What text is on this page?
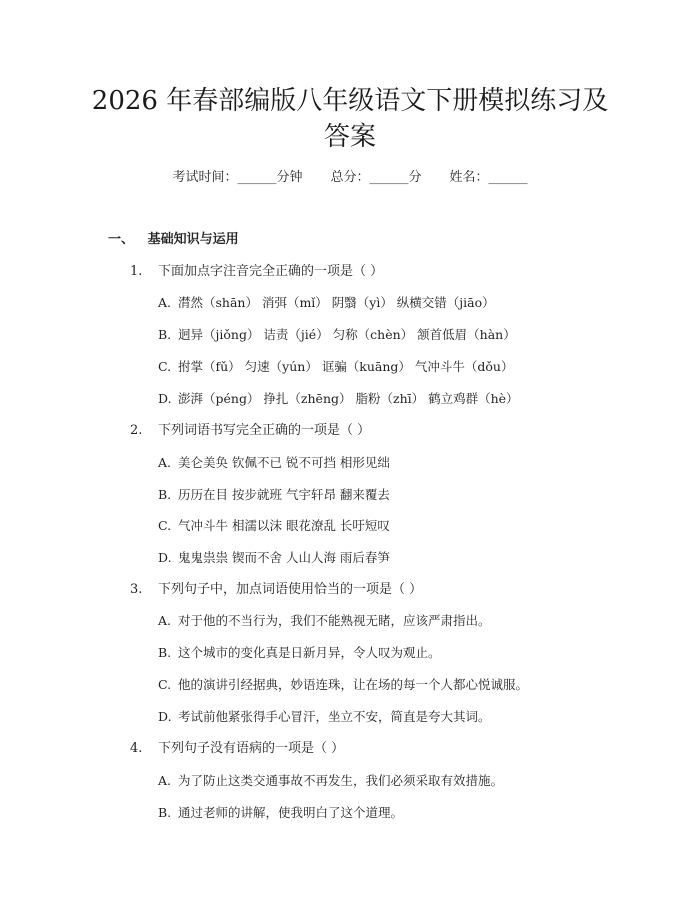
2026 年春部编版八年级语文下册模拟练习及
答案
考试时间：______分钟 总分：______分 姓名：______
一、 基础知识与运用
1. 下面加点字注音完全正确的一项是（ ）
A. 潸然（shān） 消弭（mǐ） 阴翳（yì） 纵横交错（jiāo）
B. 迥异（jiǒng） 诘责（jié） 匀称（chèn） 颔首低眉（hàn）
C. 拊掌（fǔ） 匀速（yún） 诓骗（kuāng） 气冲斗牛（dǒu）
D. 澎湃（péng） 挣扎（zhēng） 脂粉（zhī） 鹤立鸡群（hè）
2. 下列词语书写完全正确的一项是（ ）
A. 美仑美奂 钦佩不已 锐不可挡 相形见绌
B. 历历在目 按步就班 气宇轩昂 翻来覆去
C. 气冲斗牛 相濡以沫 眼花潦乱 长吁短叹
D. 鬼鬼祟祟 锲而不舍 人山人海 雨后春笋
3. 下列句子中，加点词语使用恰当的一项是（ ）
A. 对于他的不当行为，我们不能熟视无睹，应该严肃指出。
B. 这个城市的变化真是日新月异，令人叹为观止。
C. 他的演讲引经据典，妙语连珠，让在场的每一个人都心悦诚服。
D. 考试前他紧张得手心冒汗，坐立不安，简直是夸大其词。
4. 下列句子没有语病的一项是（ ）
A. 为了防止这类交通事故不再发生，我们必须采取有效措施。
B. 通过老师的讲解，使我明白了这个道理。
